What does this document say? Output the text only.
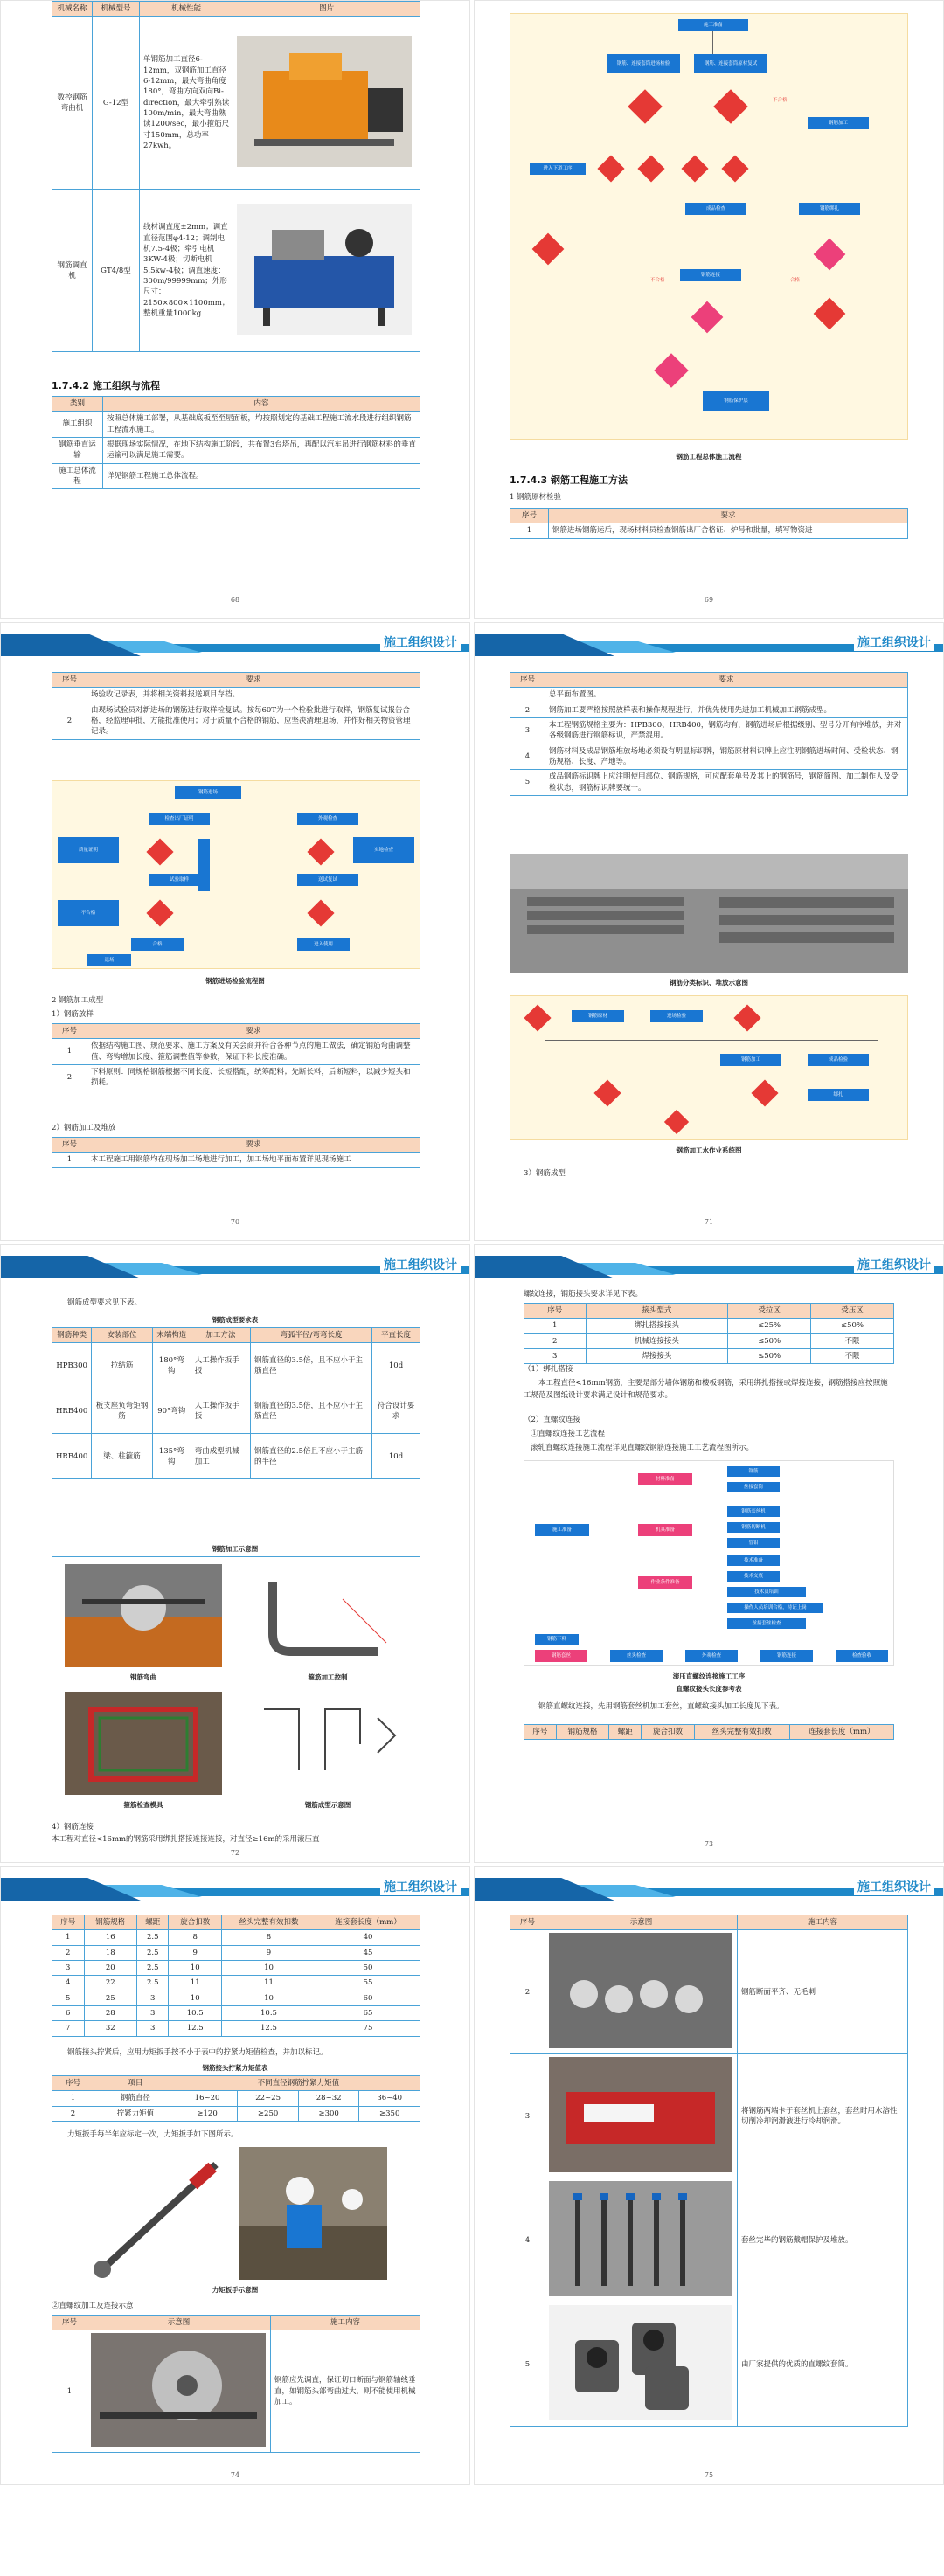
机械名称	机械型号	机械性能	图片
数控钢筋弯曲机	G-12型	单钢筋加工直径6-12mm，双钢筋加工直径6-12mm，最大弯曲角度180°，弯曲方向双向Bi-direction，最大牵引熟读100m/min，最大弯曲熟读1200/sec，最小箍筋尺寸150mm，总功率27kwh。	
钢筋调直机	GT4/8型	线材调直度±2mm；调直直径范围φ4-12；调制电机7.5-4极；牵引电机3KW-4极；切断电机5.5kw-4极；调直速度：300m/99999mm；外形尺寸：2150×800×1100mm；整机重量1000kg	
1.7.4.2 施工组织与流程
类别	内容
施工组织	按照总体施工部署，从基础底板至至屋面板，均按照划定的基础工程施工流水段进行组织钢筋工程流水施工。
钢筋垂直运输	根据现场实际情况，在地下结构施工阶段，共布置3台塔吊，再配以汽车吊进行钢筋材料的垂直运输可以满足施工需要。
施工总体流程	详见钢筋工程施工总体流程。
68
施工准备
钢筋、连接套筒进场检验	钢筋、连接套筒原材复试
钢筋加工
进入下道工序
成品检查	钢筋绑扎
钢筋连接
钢筋保护层
不合格
不合格	合格
钢筋工程总体施工流程
1.7.4.3 钢筋工程施工方法
1 钢筋原材检验
序号	要求
1	钢筋进场钢筋运后，现场材料员检查钢筋出厂合格证、炉号和批量，填写物资进
69
施工组织设计
序号	要求
	场验收记录表，并将相关资料报送项目存档。
2	由现场试验员对新进场的钢筋进行取样检复试。按每60T为一个检验批进行取样，钢筋复试报告合格，经监理审批，方能批准使用；对于质量不合格的钢筋，应坚决清理退场，并作好相关物资管理记录。
钢筋进场
检查出厂证明	外观检查
质量证明	实地检查
试验取样	送试复试
不合格
合格	进入使用
退场
钢筋进场检验流程图
2 钢筋加工成型
1）钢筋放样
序号	要求
1	依据结构施工图、规范要求、施工方案及有关会商并符合各种节点的施工做法，确定钢筋弯曲调整值、弯钩增加长度、箍筋调整值等参数，保证下料长度准确。
2	下料原则：同规格钢筋根据不同长度、长短搭配，统筹配料；先断长料，后断短料，以减少短头和损耗。
2）钢筋加工及堆放
序号	要求
1	本工程施工用钢筋均在现场加工场地进行加工，加工场地平面布置详见现场施工
70
施工组织设计
序号	要求
	总平面布置图。
2	钢筋加工要严格按照放样表和操作规程进行，并优先使用先进加工机械加工钢筋成型。
3	本工程钢筋规格主要为：HPB300、HRB400，钢筋均有，钢筋进场后根据级别、型号分开有序堆放，并对各级钢筋进行钢筋标识，严禁混用。
4	钢筋材料及成品钢筋堆放场地必须设有明显标识牌，钢筋原材料识牌上应注明钢筋进场时间、受检状态、钢筋规格、长度、产地等。
5	成品钢筋标识牌上应注明使用部位、钢筋规格，可应配套单号及其上的钢筋号，钢筋简图、加工制作人及受检状态，钢筋标识牌要统一。
钢筋分类标识、堆放示意图
钢筋原材	进场检验
钢筋加工	成品检验
绑扎
钢筋加工水作业系统图
3）钢筋成型
71
施工组织设计
钢筋成型要求见下表。
钢筋成型要求表
钢筋种类	安装部位	末端构造	加工方法	弯弧半径/弯弯长度	平直长度
HPB300	拉结筋	180°弯钩	人工操作扳手扳	钢筋直径的3.5倍，且不应小于主筋直径	10d
HRB400	板支座负弯矩钢筋	90°弯钩	人工操作扳手扳	钢筋直径的3.5倍，且不应小于主筋直径	符合设计要求
HRB400	梁、柱箍筋	135°弯钩	弯曲成型机械加工	钢筋直径的2.5倍且不应小于主筋的半径	10d
钢筋加工示意图
钢筋弯曲	箍筋加工控制
箍筋检查模具	钢筋成型示意图
4）钢筋连接
本工程对直径<16mm的钢筋采用绑扎搭接连接连接，对直径≥16m的采用滚压直
72
施工组织设计
螺纹连接，钢筋接头要求详见下表。
序号	接头型式	受拉区	受压区
1	绑扎搭接接头	≤25%	≤50%
2	机械连接接头	≤50%	不限
3	焊接接头	≤50%	不限
（1）绑扎搭接
本工程直径<16mm钢筋，主要是部分墙体钢筋和楼板钢筋，采用绑扎搭接或焊接连接，钢筋搭接应按照施工规范及图纸设计要求满足设计和规范要求。
（2）直螺纹连接
①直螺纹连接工艺流程
滚轧直螺纹连接施工流程详见直螺纹钢筋连接施工工艺流程图所示。
施工准备
材料准备
钢筋
丝接套筒
机具准备
钢筋套丝机
钢筋切断机
管钳
技术准备
技术交底
作业条件准备
技术员培训
操作人员培训合格，持证上岗
丝接套丝检查
钢筋下料
钢筋套丝	丝头检查	外观检查	钢筋连接	检查验收
滚压直螺纹连接施工工序
直螺纹接头长度参考表
钢筋直螺纹连接，先用钢筋套丝机加工套丝，直螺纹接头加工长度见下表。
序号	钢筋规格	螺距	旋合扣数	丝头完整有效扣数	连接套长度（mm）
73
施工组织设计
序号	钢筋规格	螺距	旋合扣数	丝头完整有效扣数	连接套长度（mm）
1	16	2.5	8	8	40
2	18	2.5	9	9	45
3	20	2.5	10	10	50
4	22	2.5	11	11	55
5	25	3	10	10	60
6	28	3	10.5	10.5	65
7	32	3	12.5	12.5	75
钢筋接头拧紧后，应用力矩扳手按不小于表中的拧紧力矩值检查，并加以标记。
钢筋接头拧紧力矩值表
序号	项目	不同直径钢筋拧紧力矩值			
1	钢筋直径	16~20	22~25	28~32	36~40
2	拧紧力矩值	≥120	≥250	≥300	≥350
力矩扳手每半年应标定一次，力矩扳手如下图所示。
力矩扳手示意图
②直螺纹加工及连接示意
序号	示意图	施工内容
1		钢筋应先调直，保证切口断面与钢筋轴线垂直，如钢筋头部弯曲过大，则不能使用机械加工。
74
施工组织设计
序号	示意图	施工内容
2		钢筋断面平齐、无毛刺
3		将钢筋两端卡于套丝机上套丝，套丝时用水溶性切削冷却润滑液进行冷却润滑。
4		套丝完毕的钢筋戴帽保护及堆放。
5		由厂家提供的优质的直螺纹套筒。
75
